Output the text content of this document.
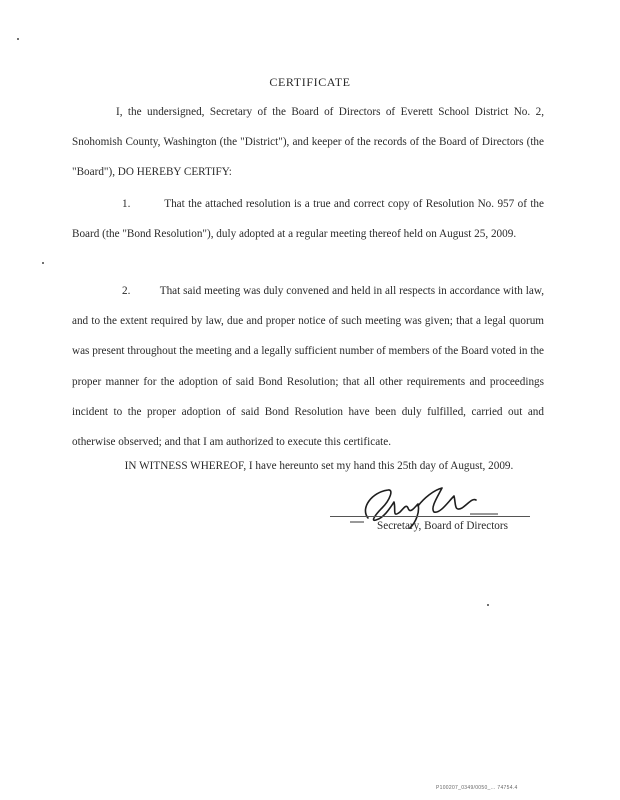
CERTIFICATE
I, the undersigned, Secretary of the Board of Directors of Everett School District No. 2, Snohomish County, Washington (the "District"), and keeper of the records of the Board of Directors (the "Board"), DO HEREBY CERTIFY:
1.	That the attached resolution is a true and correct copy of Resolution No. 957 of the Board (the "Bond Resolution"), duly adopted at a regular meeting thereof held on August 25, 2009.
2.	That said meeting was duly convened and held in all respects in accordance with law, and to the extent required by law, due and proper notice of such meeting was given; that a legal quorum was present throughout the meeting and a legally sufficient number of members of the Board voted in the proper manner for the adoption of said Bond Resolution; that all other requirements and proceedings incident to the proper adoption of said Bond Resolution have been duly fulfilled, carried out and otherwise observed; and that I am authorized to execute this certificate.
IN WITNESS WHEREOF, I have hereunto set my hand this 25th day of August, 2009.
Secretary, Board of Directors
P100207_0349/0050_... 74754.4
